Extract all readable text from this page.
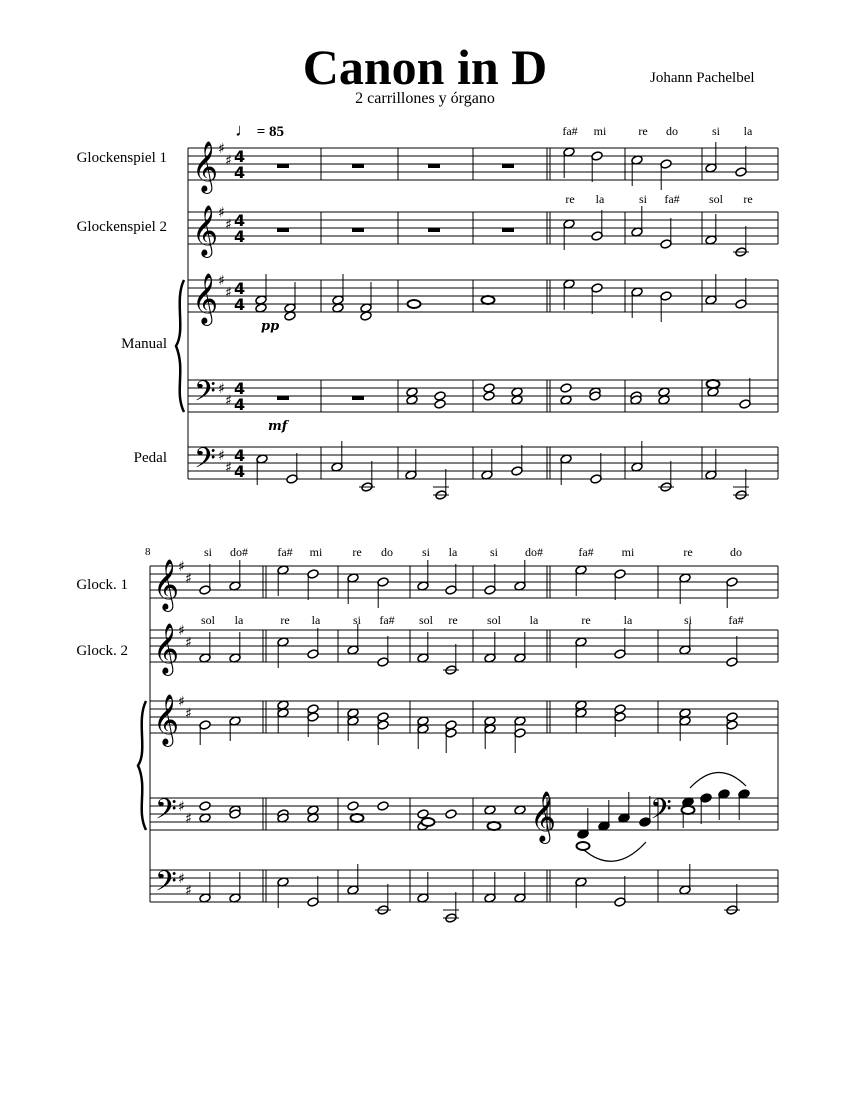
Canon in D
2 carrillones y órgano
Johann Pachelbel
♩ = 85
Glockenspiel 1
Glockenspiel 2
Manual
Pedal
Glock. 1
Glock. 2
8
𝄞 ♯
♯ 4
4
𝄞 ♯
♯ 4
4
𝄞 ♯
♯ 4
4
𝄢 ♯
♯
4
4
𝄢 ♯
♯
4
4
pp
mf
𝄞
♯
♯
𝄞
♯
♯
𝄞
♯
♯
𝄢 ♯
♯
𝄢 ♯
♯
𝄞	𝄢
fa# mi	re do	si la
re la	si fa# sol re
si do# fa# mi	re do si la	si do#	fa# mi	re	do
sol la	re la	si fa# sol re sol la	re	la	si	fa#
